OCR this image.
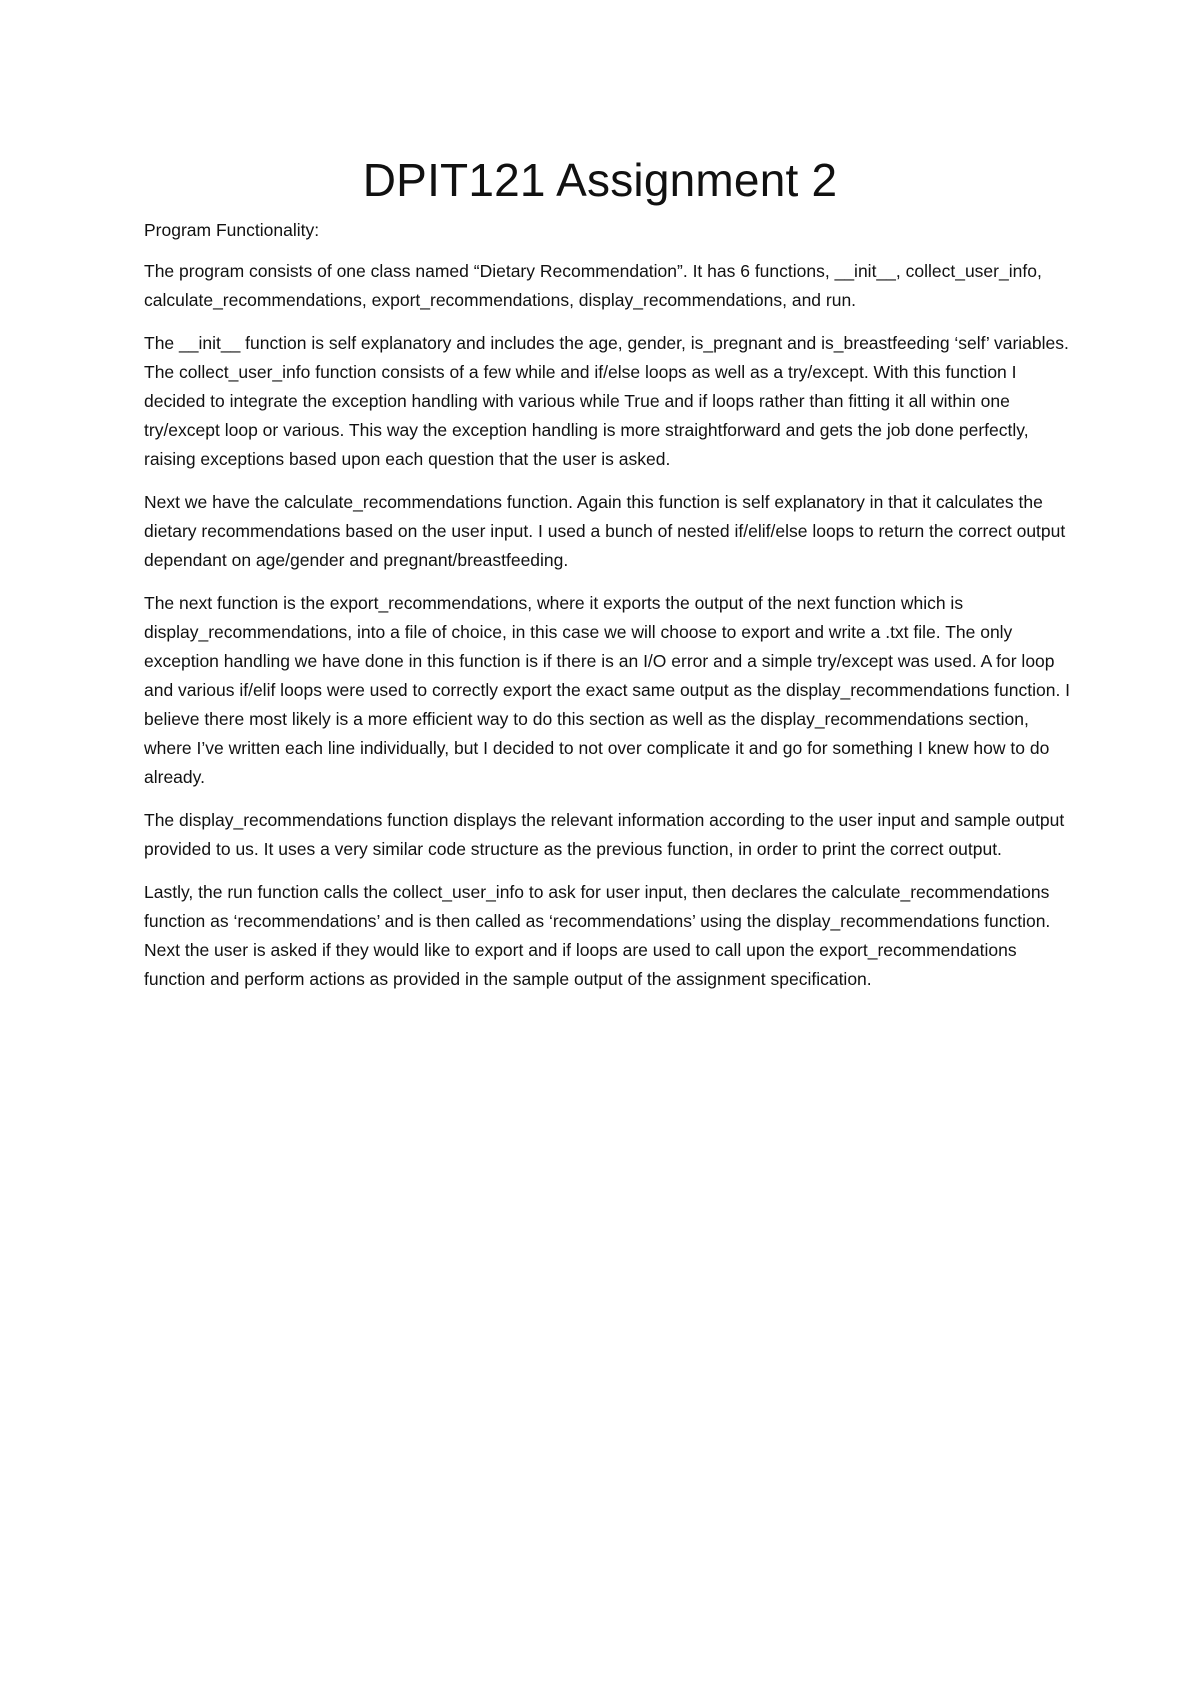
DPIT121 Assignment 2

Program Functionality:

The program consists of one class named “Dietary Recommendation”. It has 6 functions, __init__, collect_user_info, calculate_recommendations, export_recommendations, display_recommendations, and run.

The __init__ function is self explanatory and includes the age, gender, is_pregnant and is_breastfeeding ‘self’ variables. The collect_user_info function consists of a few while and if/else loops as well as a try/except. With this function I decided to integrate the exception handling with various while True and if loops rather than fitting it all within one try/except loop or various. This way the exception handling is more straightforward and gets the job done perfectly, raising exceptions based upon each question that the user is asked.

Next we have the calculate_recommendations function. Again this function is self explanatory in that it calculates the dietary recommendations based on the user input. I used a bunch of nested if/elif/else loops to return the correct output dependant on age/gender and pregnant/breastfeeding.

The next function is the export_recommendations, where it exports the output of the next function which is display_recommendations, into a file of choice, in this case we will choose to export and write a .txt file. The only exception handling we have done in this function is if there is an I/O error and a simple try/except was used. A for loop and various if/elif loops were used to correctly export the exact same output as the display_recommendations function. I believe there most likely is a more efficient way to do this section as well as the display_recommendations section, where I’ve written each line individually, but I decided to not over complicate it and go for something I knew how to do already.

The display_recommendations function displays the relevant information according to the user input and sample output provided to us. It uses a very similar code structure as the previous function, in order to print the correct output.

Lastly, the run function calls the collect_user_info to ask for user input, then declares the calculate_recommendations function as ‘recommendations’ and is then called as ‘recommendations’ using the display_recommendations function. Next the user is asked if they would like to export and if loops are used to call upon the export_recommendations function and perform actions as provided in the sample output of the assignment specification.
